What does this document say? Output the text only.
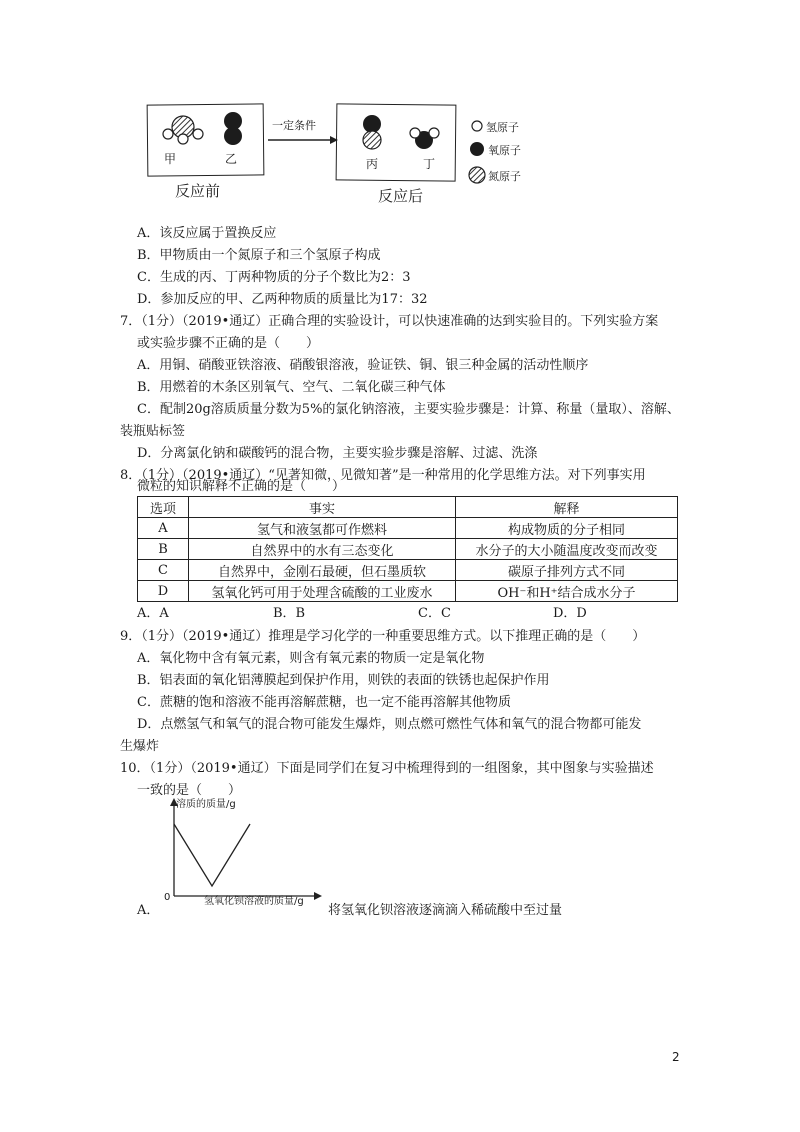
一定条件
甲	乙	丙	丁
氢原子
氧原子
氮原子
反应前	反应后
A．该反应属于置换反应
B．甲物质由一个氮原子和三个氢原子构成
C．生成的丙、丁两种物质的分子个数比为2：3
D．参加反应的甲、乙两种物质的质量比为17：32
7．（1分）（2019•通辽）正确合理的实验设计，可以快速准确的达到实验目的。下列实验方案
或实验步骤不正确的是（　　）
A．用铜、硝酸亚铁溶液、硝酸银溶液，验证铁、铜、银三种金属的活动性顺序
B．用燃着的木条区别氧气、空气、二氧化碳三种气体
C．配制20g溶质质量分数为5%的氯化钠溶液，主要实验步骤是：计算、称量（量取）、溶解、
装瓶贴标签
D．分离氯化钠和碳酸钙的混合物，主要实验步骤是溶解、过滤、洗涤
8．（1分）（2019•通辽）“见著知微，见微知著”是一种常用的化学思维方法。对下列事实用
微粒的知识解释不正确的是（　　）
选项	事实	解释
A	氢气和液氢都可作燃料	构成物质的分子相同
B	自然界中的水有三态变化	水分子的大小随温度改变而改变
C	自然界中，金刚石最硬，但石墨质软	碳原子排列方式不同
D	氢氧化钙可用于处理含硫酸的工业废水	OH⁻和H⁺结合成水分子
A．A	B．B	C．C	D．D
9．（1分）（2019•通辽）推理是学习化学的一种重要思维方式。以下推理正确的是（　　）
A．氧化物中含有氧元素，则含有氧元素的物质一定是氧化物
B．铝表面的氧化铝薄膜起到保护作用，则铁的表面的铁锈也起保护作用
C．蔗糖的饱和溶液不能再溶解蔗糖，也一定不能再溶解其他物质
D．点燃氢气和氧气的混合物可能发生爆炸，则点燃可燃性气体和氧气的混合物都可能发
生爆炸
10．（1分）（2019•通辽）下面是同学们在复习中梳理得到的一组图象，其中图象与实验描述
一致的是（　　）
溶质的质量/g
0	氢氧化钡溶液的质量/g
A．	将氢氧化钡溶液逐滴滴入稀硫酸中至过量
2
